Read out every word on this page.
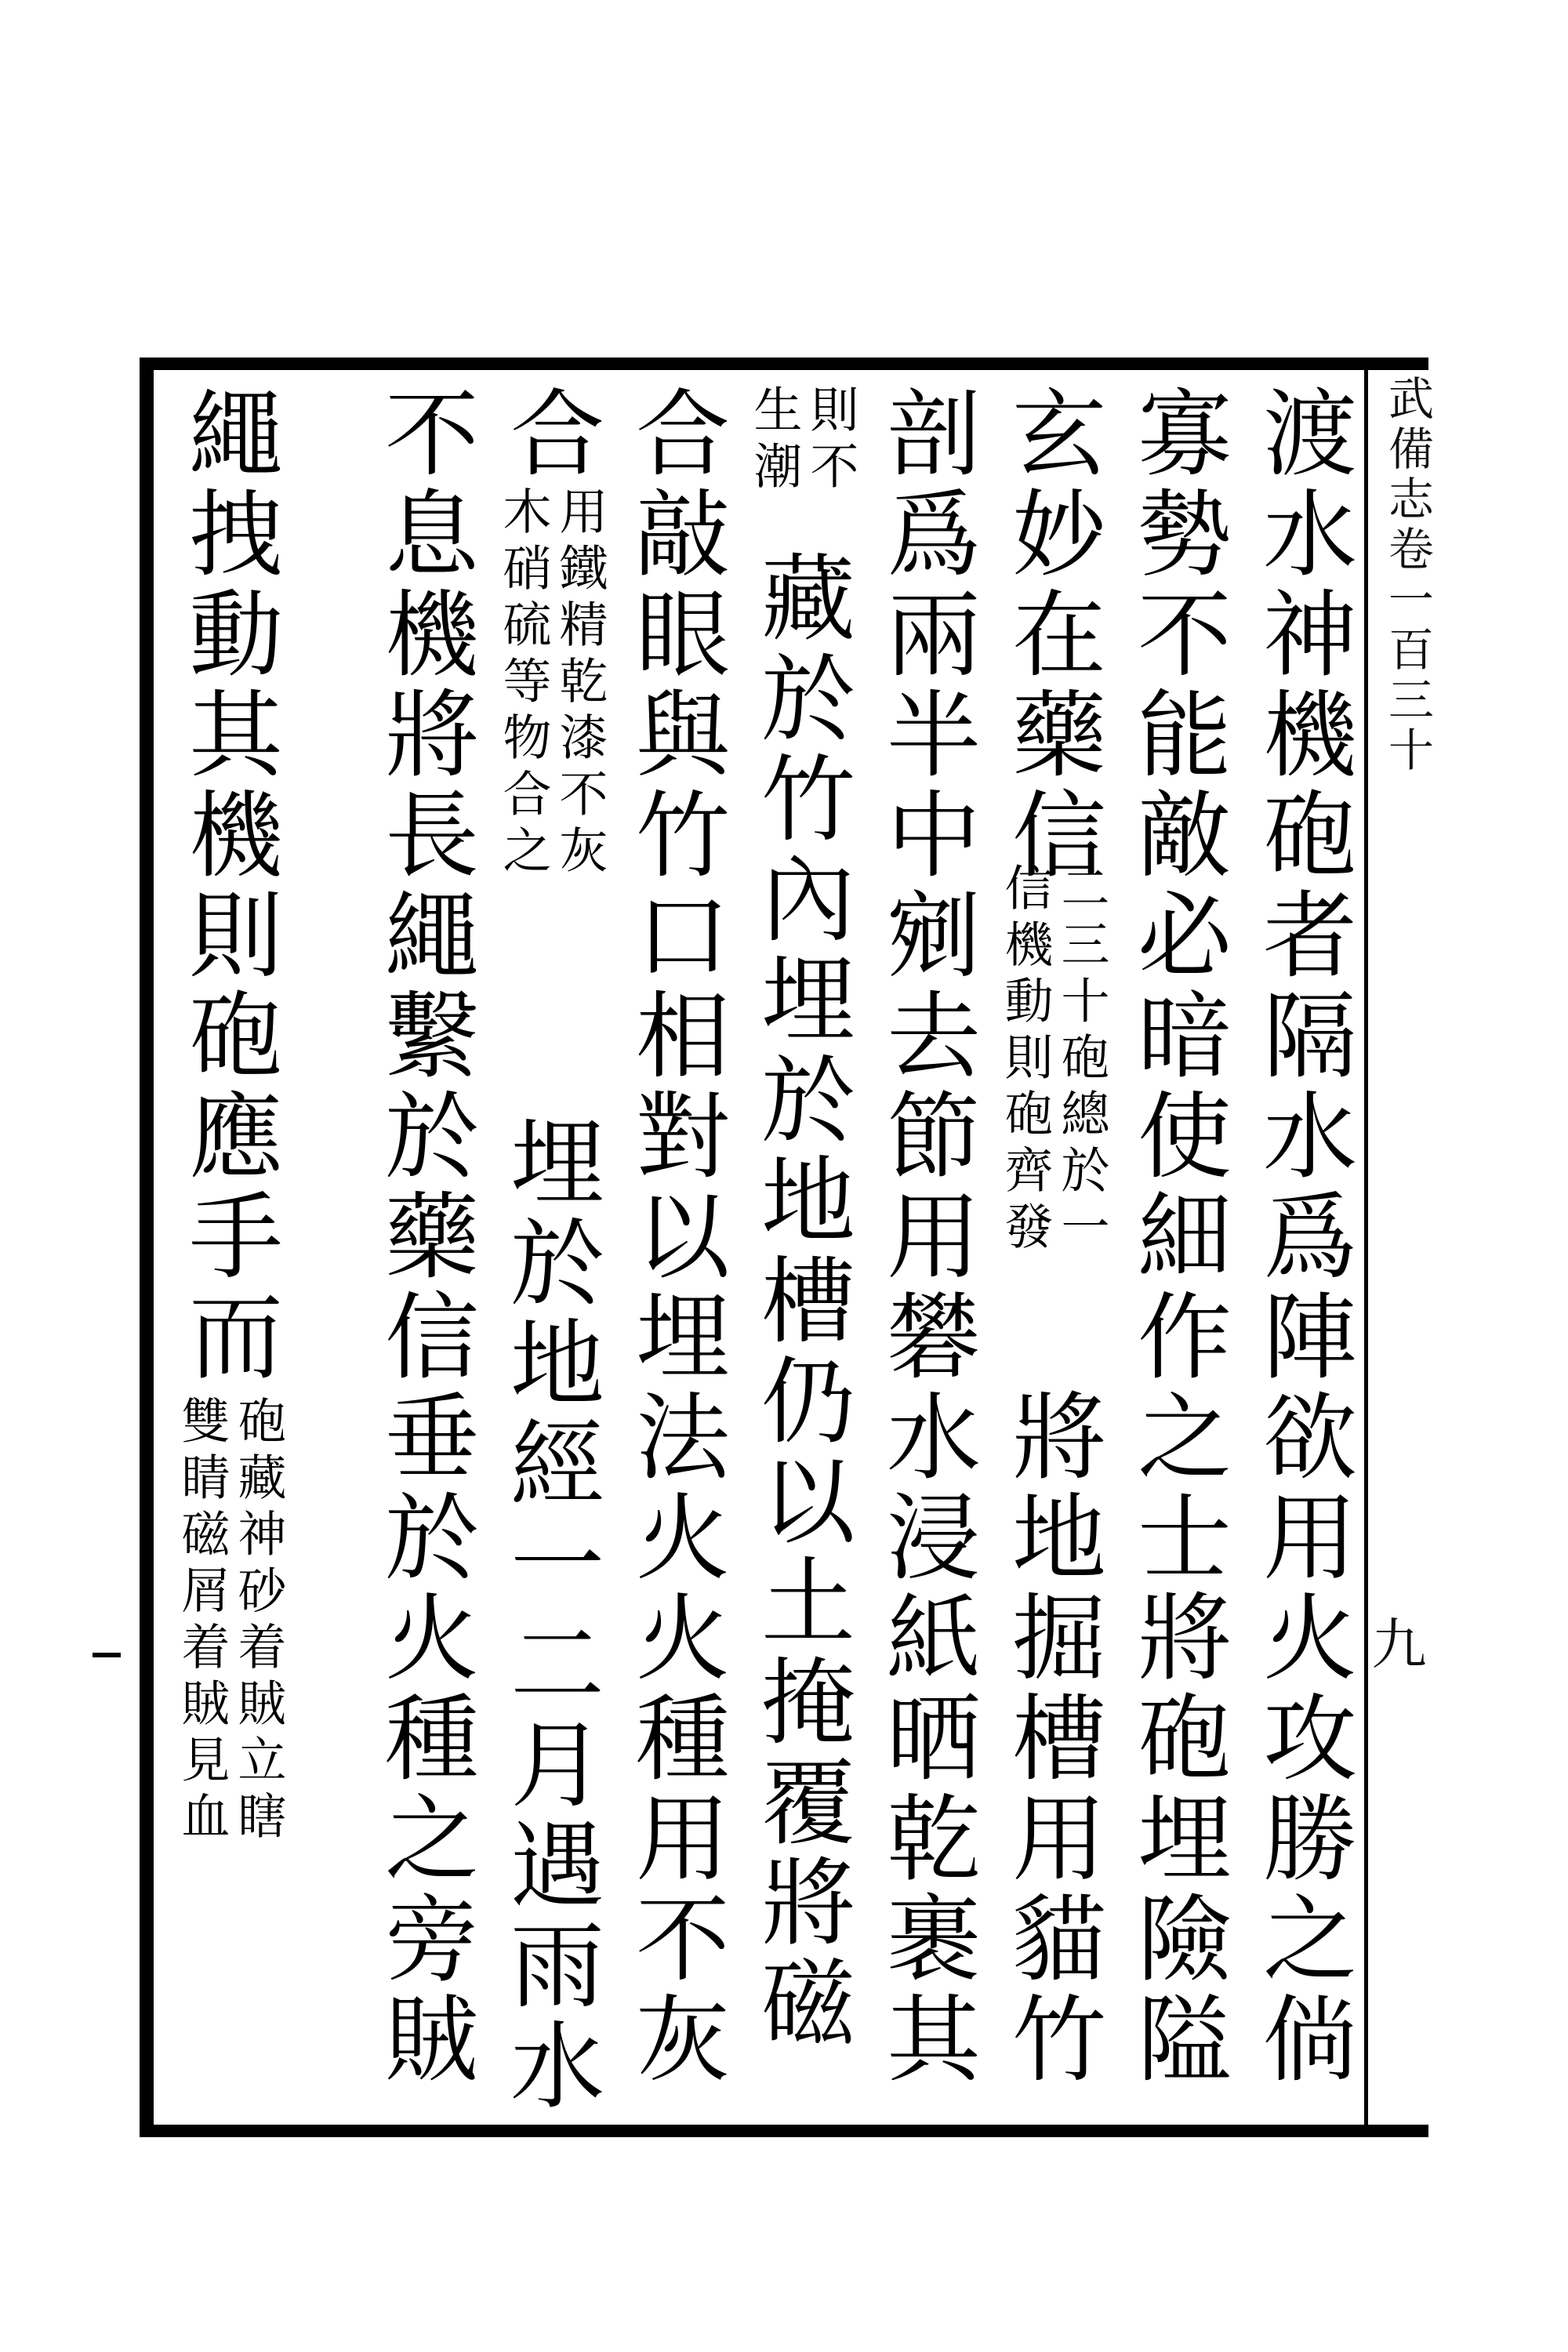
武備志卷一百三十
九
渡水神機砲者隔水爲陣欲用火攻勝之倘
寡勢不能敵必暗使細作之士將砲埋險隘
玄妙在藥信
二三十砲總於一
信機動則砲齊發
將地掘槽用貓竹
剖爲兩半中剜去節用礬水浸紙晒乾裹其
則不
生潮
藏於竹內埋於地槽仍以土掩覆將磁
合敲眼與竹口相對以埋法火火種用不灰
合
用鐵精乾漆不灰
木硝硫等物合之
埋於地經一二月遇雨水
不息機將長繩繫於藥信垂於火種之旁賊
繩拽動其機則砲應手而
砲藏神砂着賊立瞎
雙睛磁屑着賊見血
